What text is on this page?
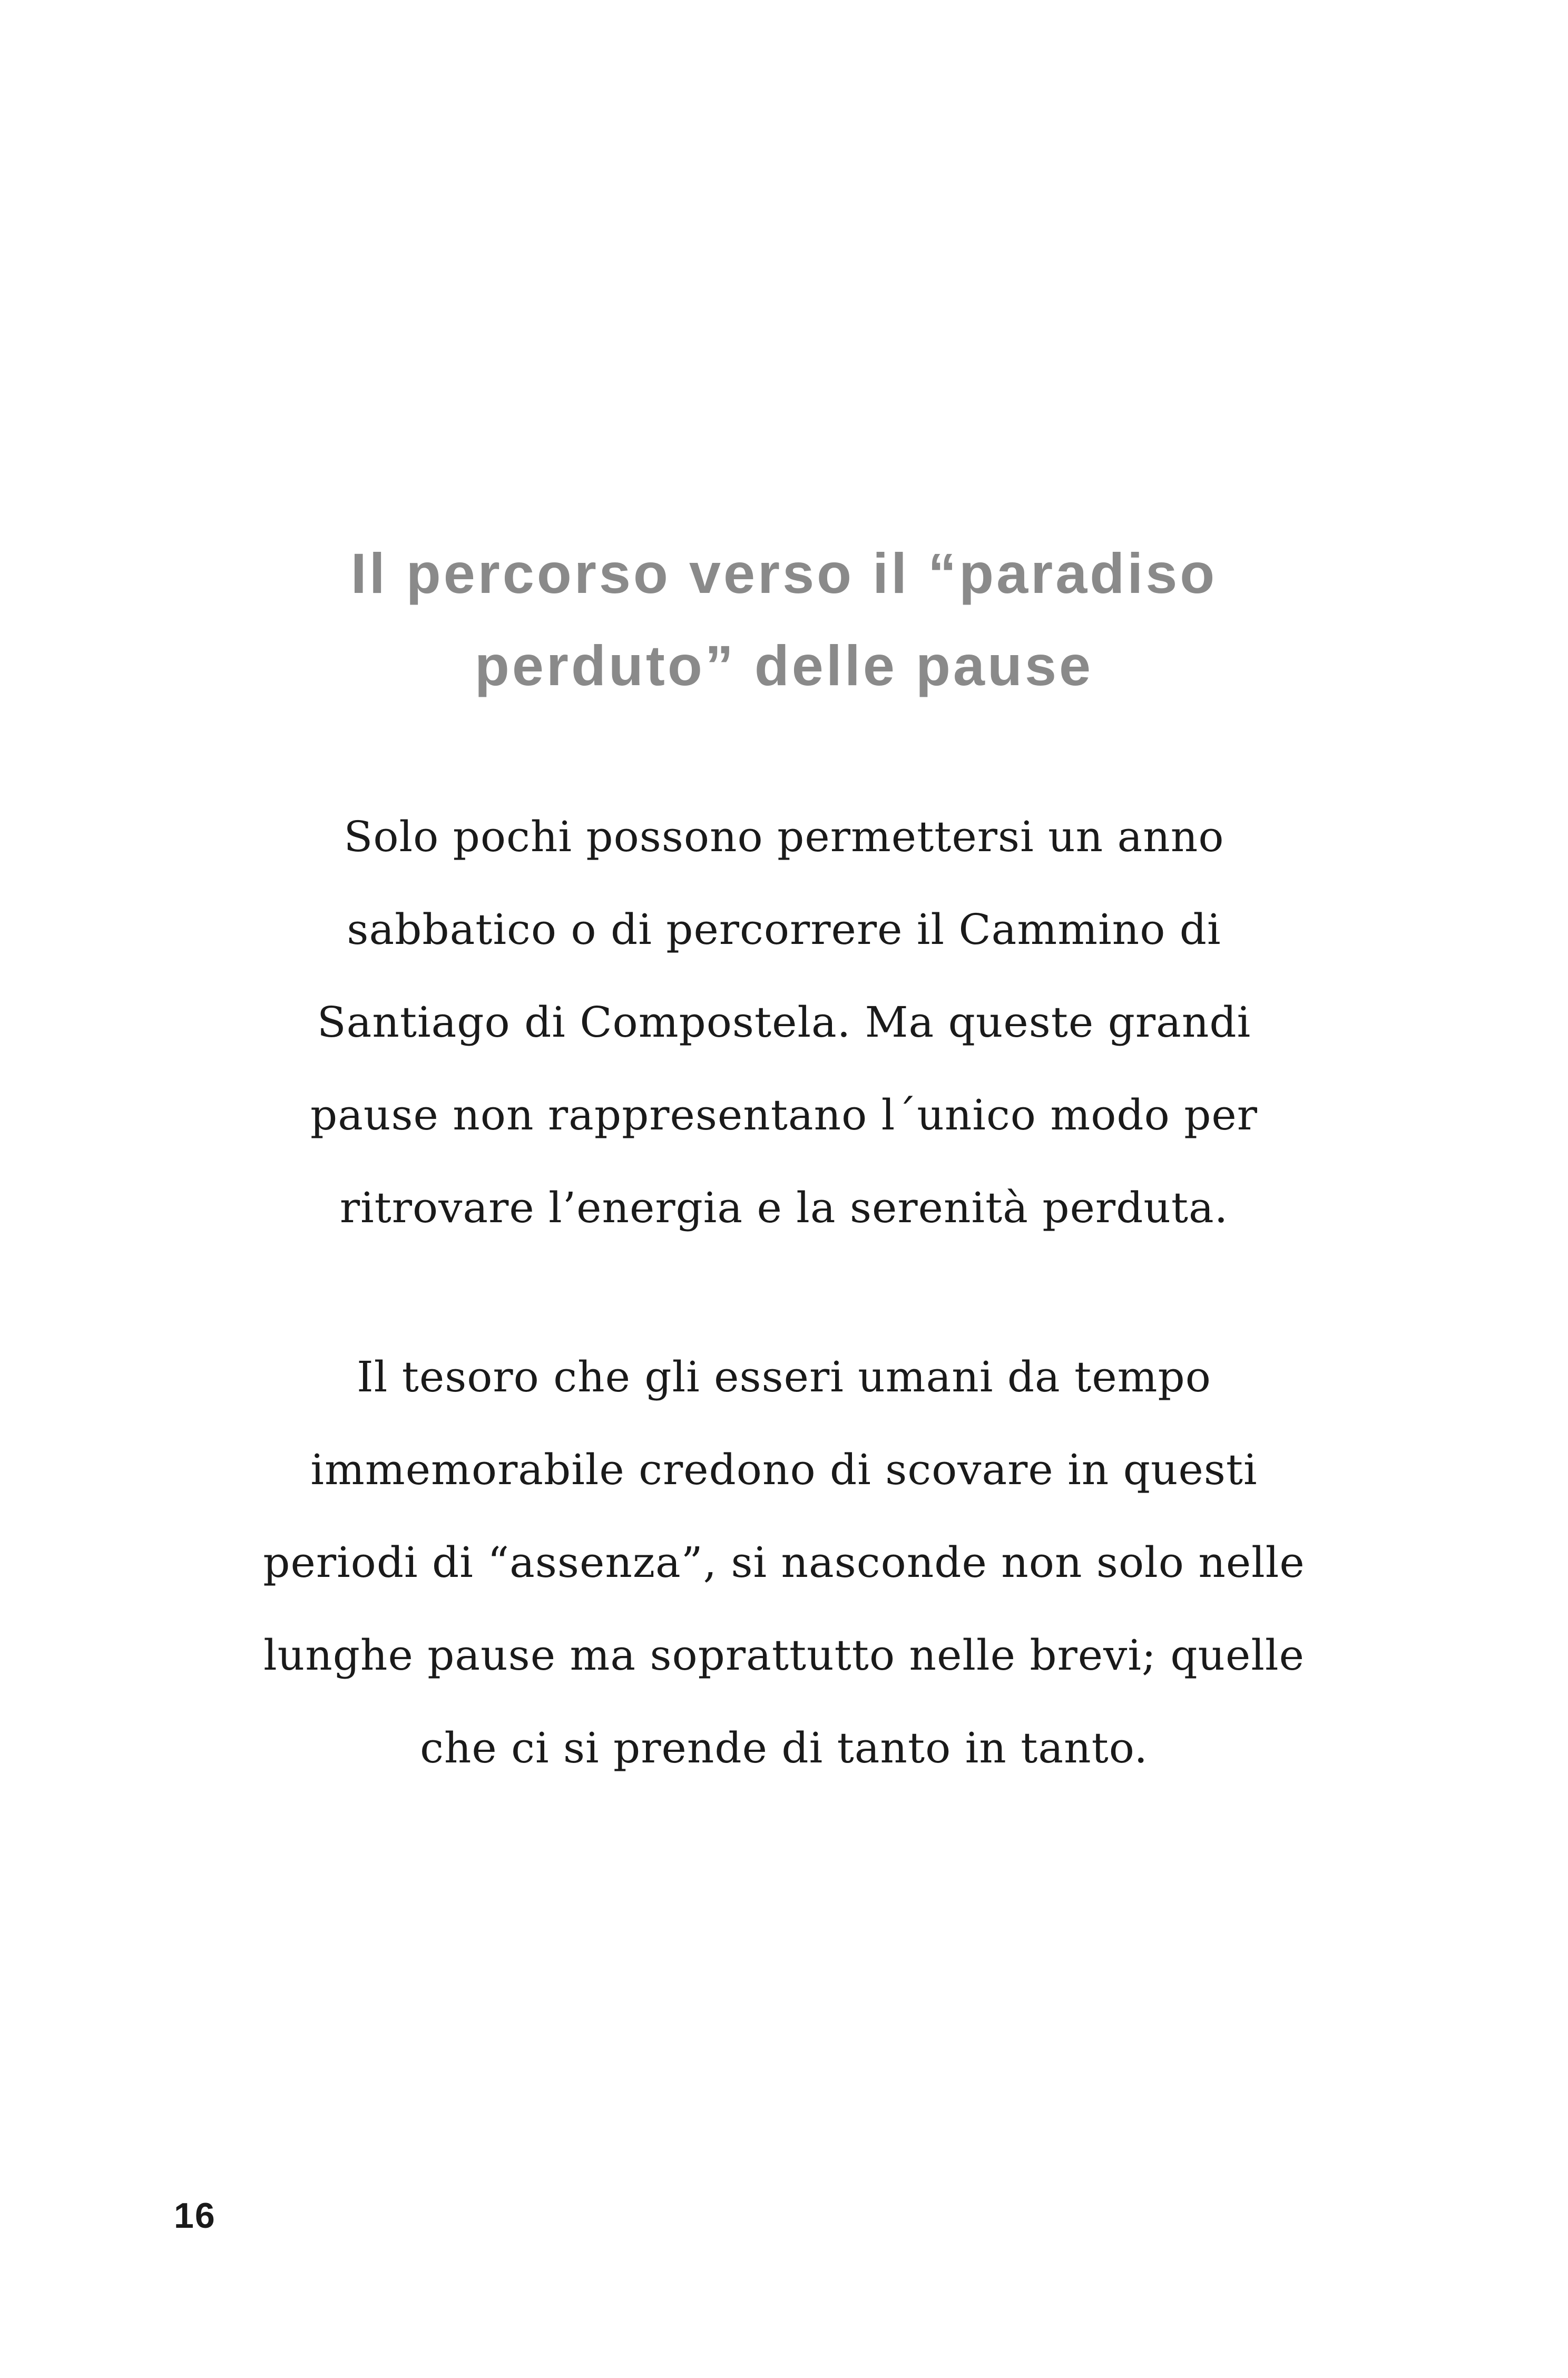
Il percorso verso il “paradiso
perduto” delle pause
Solo pochi possono permettersi un anno
sabbatico o di percorrere il Cammino di
Santiago di Compostela. Ma queste grandi
pause non rappresentano l´unico modo per
ritrovare l’energia e la serenità perduta.
Il tesoro che gli esseri umani da tempo
immemorabile credono di scovare in questi
periodi di “assenza”, si nasconde non solo nelle
lunghe pause ma soprattutto nelle brevi; quelle
che ci si prende di tanto in tanto.
16
